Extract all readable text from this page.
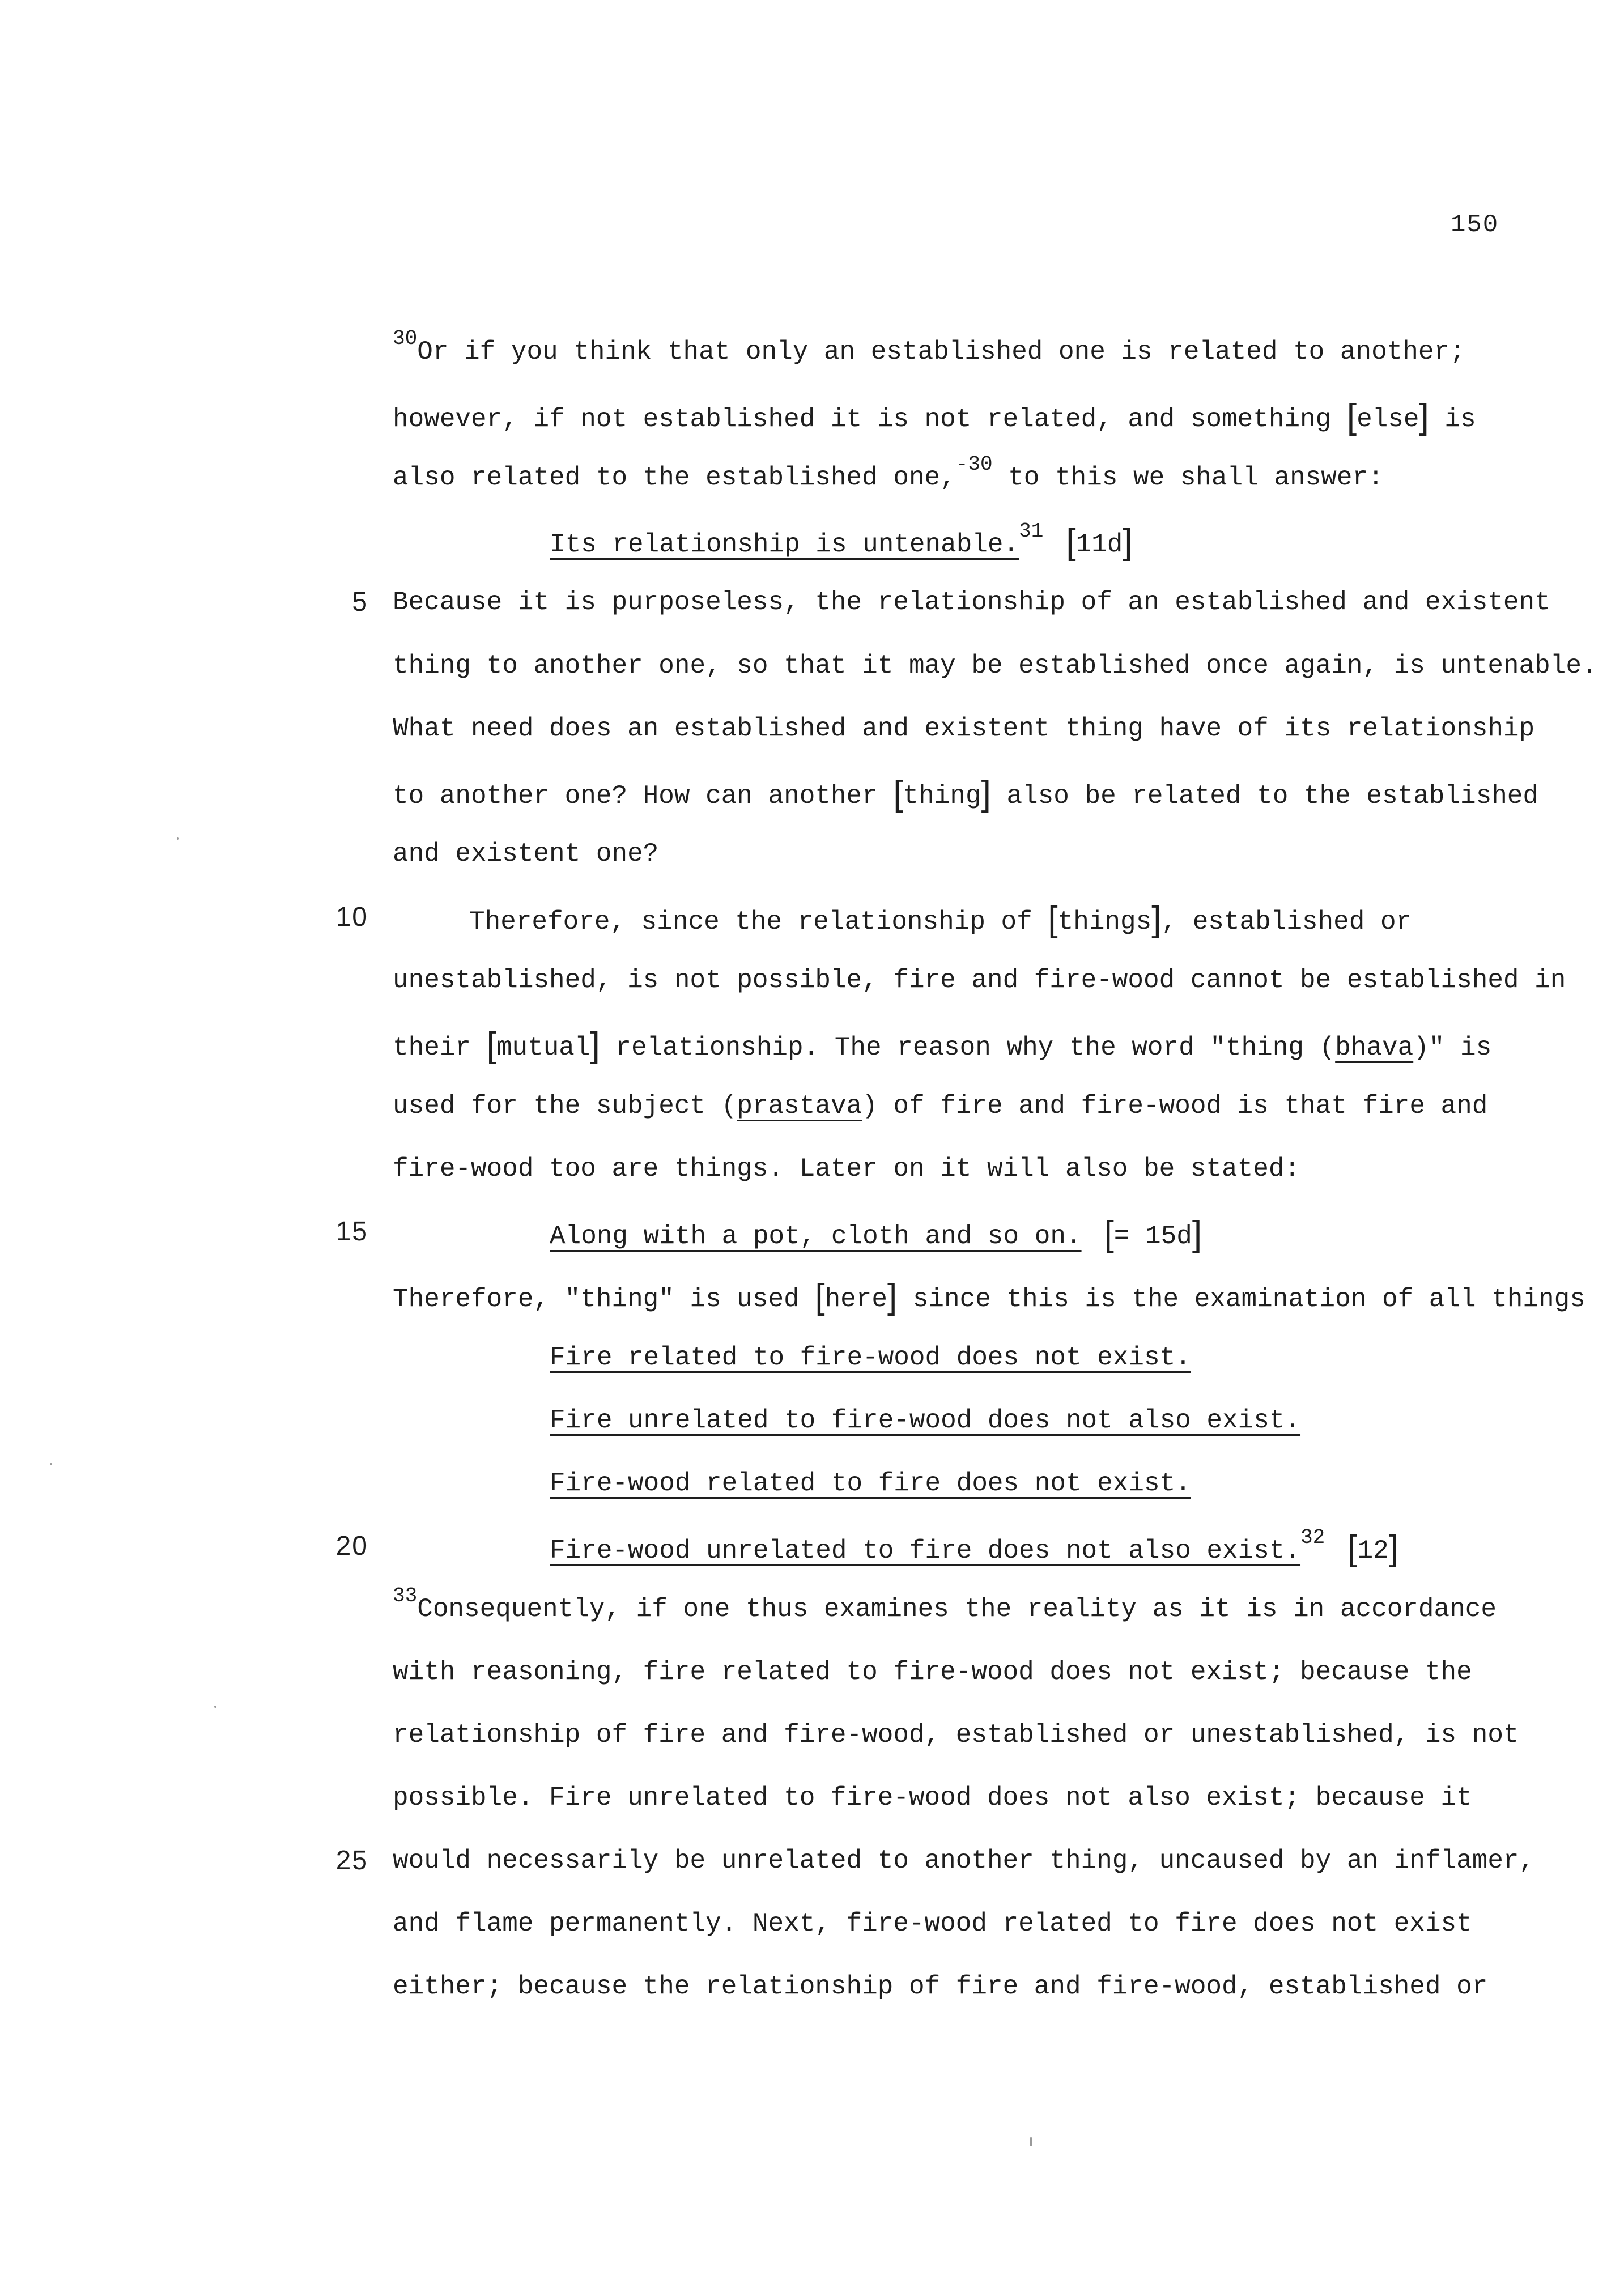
150
$^{30}$Or if you think that only an established one is related to another;
however, if not established it is not related, and something [else] is
also related to the established one,$^{-30}$ to this we shall answer:
Its relationship is untenable.$^{31}$ [11d]
5 Because it is purposeless, the relationship of an established and existent
thing to another one, so that it may be established once again, is untenable.
What need does an established and existent thing have of its relationship
to another one? How can another [thing] also be related to the established
and existent one?
10	Therefore, since the relationship of [things], established or
unestablished, is not possible, fire and fire-wood cannot be established in
their [mutual] relationship. The reason why the word "thing (bhava)" is
used for the subject (prastava) of fire and fire-wood is that fire and
fire-wood too are things. Later on it will also be stated:
15	Along with a pot, cloth and so on. [= 15d]
Therefore, "thing" is used [here] since this is the examination of all things
Fire related to fire-wood does not exist.
Fire unrelated to fire-wood does not also exist.
Fire-wood related to fire does not exist.
20	Fire-wood unrelated to fire does not also exist.$^{32}$ [12]
$^{33}$Consequently, if one thus examines the reality as it is in accordance
with reasoning, fire related to fire-wood does not exist; because the
relationship of fire and fire-wood, established or unestablished, is not
possible. Fire unrelated to fire-wood does not also exist; because it
25 would necessarily be unrelated to another thing, uncaused by an inflamer,
and flame permanently. Next, fire-wood related to fire does not exist
either; because the relationship of fire and fire-wood, established or
